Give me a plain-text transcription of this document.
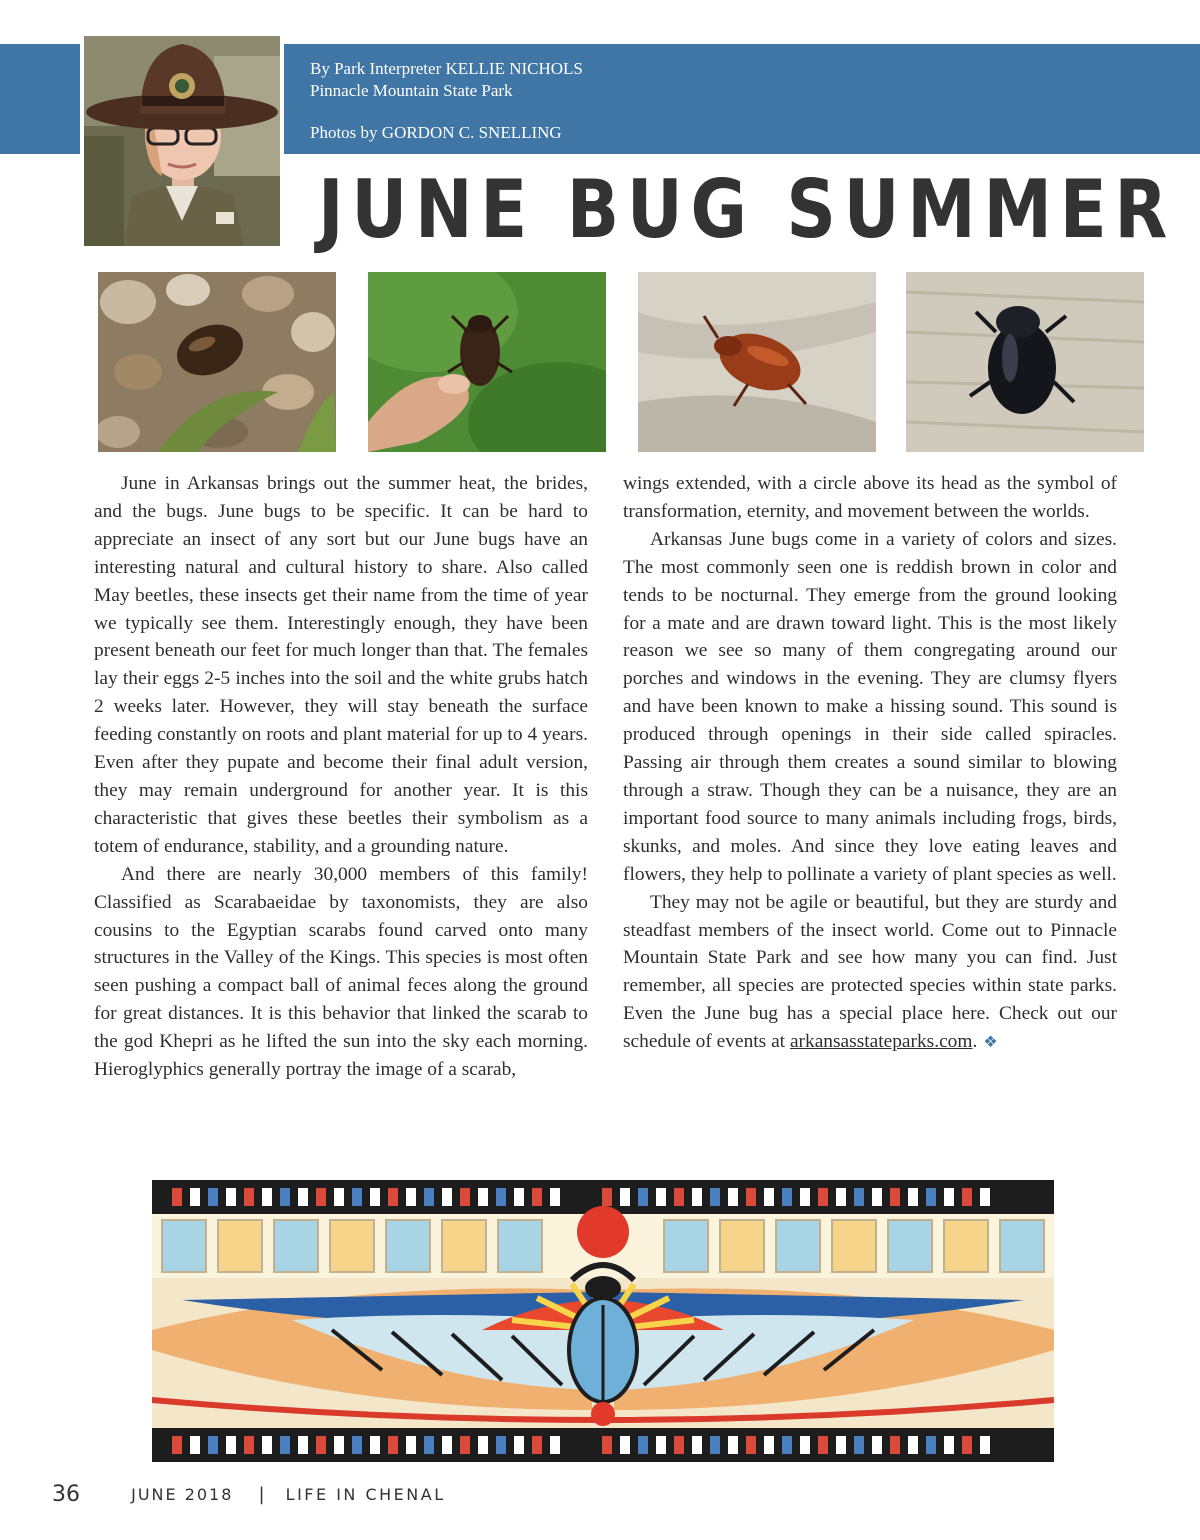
By Park Interpreter KELLIE NICHOLS
Pinnacle Mountain State Park
Photos by GORDON C. SNELLING
JUNE BUG SUMMER

June in Arkansas brings out the summer heat, the brides, and the bugs. June bugs to be specific. It can be hard to appreciate an insect of any sort but our June bugs have an interesting natural and cultural history to share. Also called May beetles, these insects get their name from the time of year we typically see them. Interestingly enough, they have been present beneath our feet for much longer than that. The females lay their eggs 2-5 inches into the soil and the white grubs hatch 2 weeks later. However, they will stay beneath the surface feeding constantly on roots and plant material for up to 4 years. Even after they pupate and become their final adult version, they may remain underground for another year. It is this characteristic that gives these beetles their symbolism as a totem of endurance, stability, and a grounding nature.

And there are nearly 30,000 members of this family! Classified as Scarabaeidae by taxonomists, they are also cousins to the Egyptian scarabs found carved onto many structures in the Valley of the Kings. This species is most often seen pushing a compact ball of animal feces along the ground for great distances. It is this behavior that linked the scarab to the god Khepri as he lifted the sun into the sky each morning. Hieroglyphics generally portray the image of a scarab,

wings extended, with a circle above its head as the symbol of transformation, eternity, and movement between the worlds.

Arkansas June bugs come in a variety of colors and sizes. The most commonly seen one is reddish brown in color and tends to be nocturnal. They emerge from the ground looking for a mate and are drawn toward light. This is the most likely reason we see so many of them congregating around our porches and windows in the evening. They are clumsy flyers and have been known to make a hissing sound. This sound is produced through openings in their side called spiracles. Passing air through them creates a sound similar to blowing through a straw. Though they can be a nuisance, they are an important food source to many animals including frogs, birds, skunks, and moles. And since they love eating leaves and flowers, they help to pollinate a variety of plant species as well.

They may not be agile or beautiful, but they are sturdy and steadfast members of the insect world. Come out to Pinnacle Mountain State Park and see how many you can find. Just remember, all species are protected species within state parks. Even the June bug has a special place here. Check out our schedule of events at arkansasstateparks.com. ❖

36	JUNE 2018 | LIFE IN CHENAL
